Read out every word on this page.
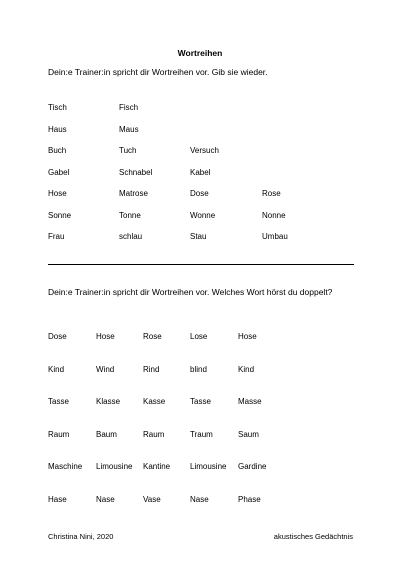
Wortreihen
Dein:e Trainer:in spricht dir Wortreihen vor. Gib sie wieder.
Tisch	Fisch
Haus	Maus
Buch	Tuch	Versuch
Gabel	Schnabel	Kabel
Hose	Matrose	Dose	Rose
Sonne	Tonne	Wonne	Nonne
Frau	schlau	Stau	Umbau
Dein:e Trainer:in spricht dir Wortreihen vor. Welches Wort hörst du doppelt?
Dose	Hose	Rose	Lose	Hose
Kind	Wind	Rind	blind	Kind
Tasse	Klasse	Kasse	Tasse	Masse
Raum	Baum	Raum	Traum	Saum
Maschine Limousine Kantine Limousine Gardine
Hase	Nase	Vase	Nase	Phase
Christina Nini, 2020	akustisches Gedächtnis
